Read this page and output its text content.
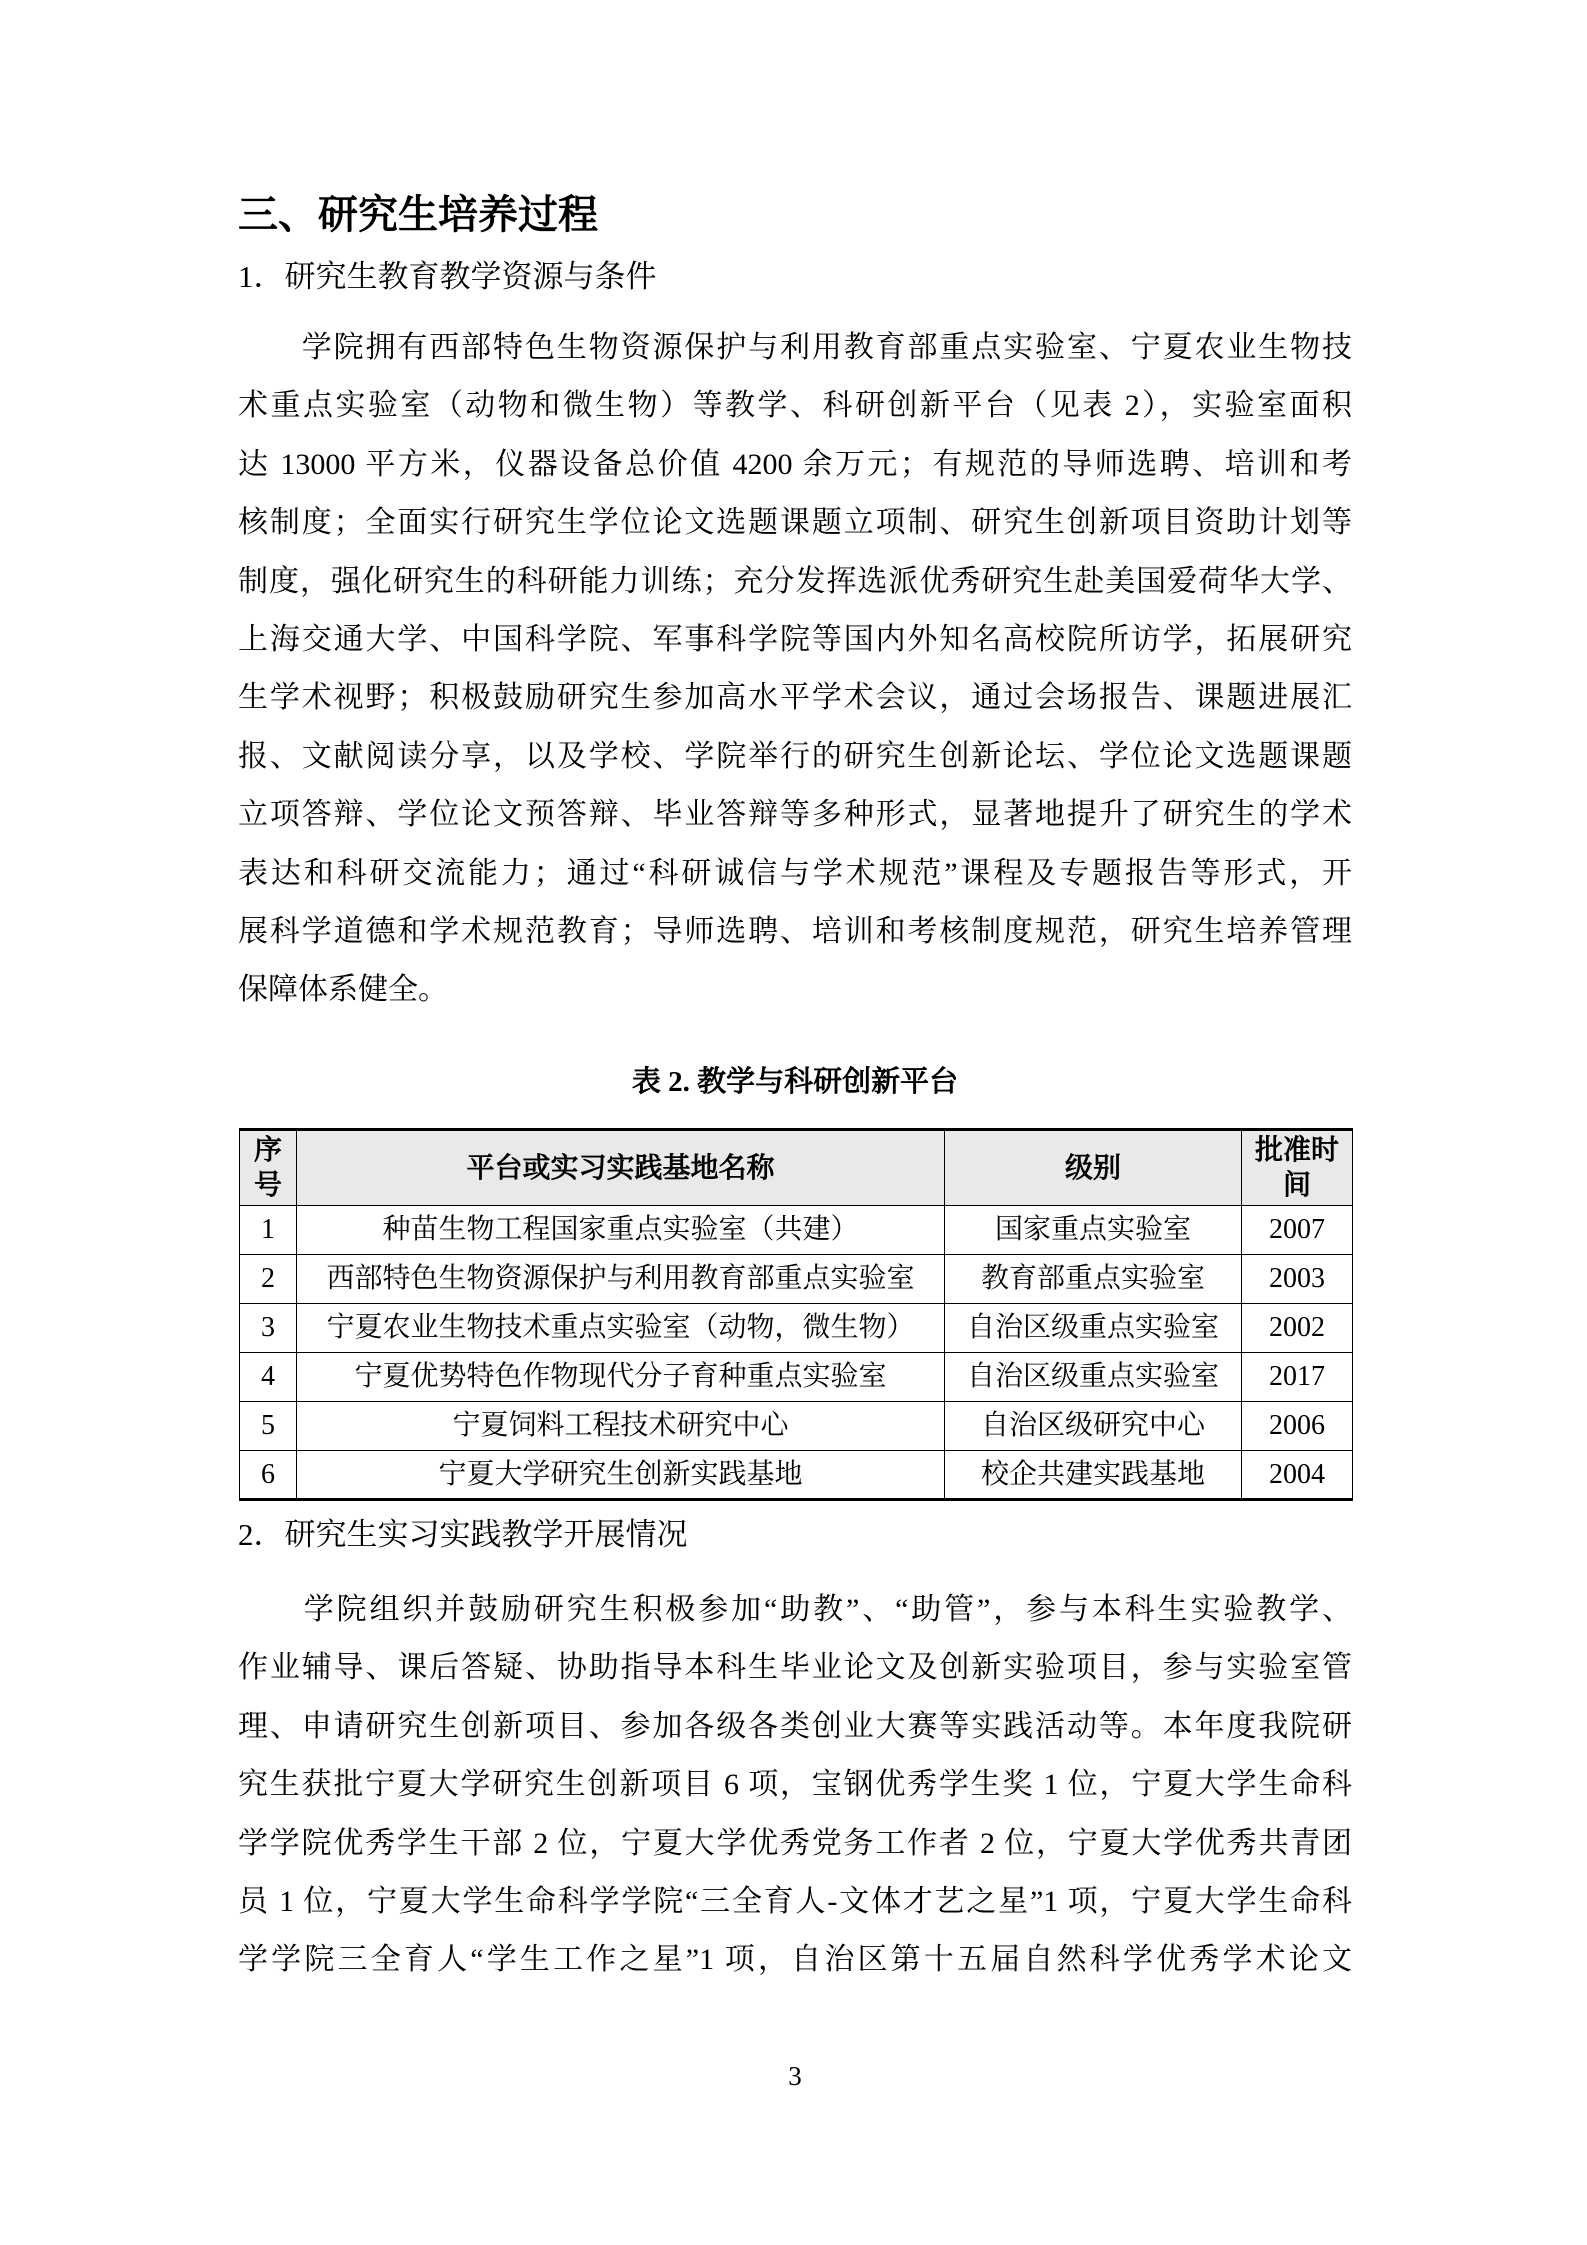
三、研究生培养过程
1．研究生教育教学资源与条件
　　学院拥有西部特色生物资源保护与利用教育部重点实验室、宁夏农业生物技
术重点实验室（动物和微生物）等教学、科研创新平台（见表 2），实验室面积
达 13000 平方米，仪器设备总价值 4200 余万元；有规范的导师选聘、培训和考
核制度；全面实行研究生学位论文选题课题立项制、研究生创新项目资助计划等
制度，强化研究生的科研能力训练；充分发挥选派优秀研究生赴美国爱荷华大学、
上海交通大学、中国科学院、军事科学院等国内外知名高校院所访学，拓展研究
生学术视野；积极鼓励研究生参加高水平学术会议，通过会场报告、课题进展汇
报、文献阅读分享，以及学校、学院举行的研究生创新论坛、学位论文选题课题
立项答辩、学位论文预答辩、毕业答辩等多种形式，显著地提升了研究生的学术
表达和科研交流能力；通过“科研诚信与学术规范”课程及专题报告等形式，开
展科学道德和学术规范教育；导师选聘、培训和考核制度规范，研究生培养管理
保障体系健全。
表 2. 教学与科研创新平台
序号	平台或实习实践基地名称	级别	批准时间
1	种苗生物工程国家重点实验室（共建）	国家重点实验室	2007
2	西部特色生物资源保护与利用教育部重点实验室	教育部重点实验室	2003
3	宁夏农业生物技术重点实验室（动物，微生物）	自治区级重点实验室	2002
4	宁夏优势特色作物现代分子育种重点实验室	自治区级重点实验室	2017
5	宁夏饲料工程技术研究中心	自治区级研究中心	2006
6	宁夏大学研究生创新实践基地	校企共建实践基地	2004
2．研究生实习实践教学开展情况
　　学院组织并鼓励研究生积极参加“助教”、“助管”，参与本科生实验教学、
作业辅导、课后答疑、协助指导本科生毕业论文及创新实验项目，参与实验室管
理、申请研究生创新项目、参加各级各类创业大赛等实践活动等。本年度我院研
究生获批宁夏大学研究生创新项目 6 项，宝钢优秀学生奖 1 位，宁夏大学生命科
学学院优秀学生干部 2 位，宁夏大学优秀党务工作者 2 位，宁夏大学优秀共青团
员 1 位，宁夏大学生命科学学院“三全育人-文体才艺之星”1 项，宁夏大学生命科
学学院三全育人“学生工作之星”1 项，自治区第十五届自然科学优秀学术论文
3
